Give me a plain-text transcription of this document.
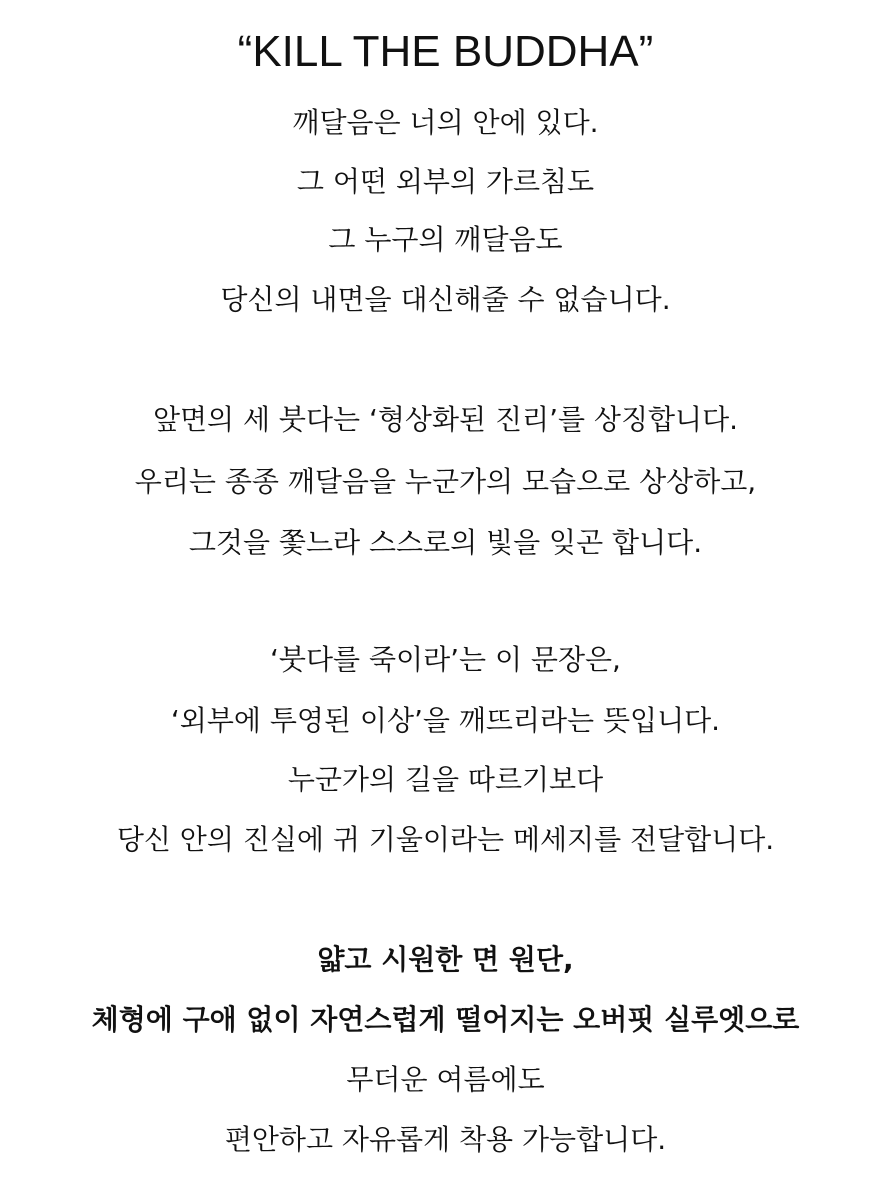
“KILL THE BUDDHA”
깨달음은 너의 안에 있다.
그 어떤 외부의 가르침도
그 누구의 깨달음도
당신의 내면을 대신해줄 수 없습니다.
앞면의 세 붓다는 ‘형상화된 진리’를 상징합니다.
우리는 종종 깨달음을 누군가의 모습으로 상상하고,
그것을 쫓느라 스스로의 빛을 잊곤 합니다.
‘붓다를 죽이라’는 이 문장은,
‘외부에 투영된 이상’을 깨뜨리라는 뜻입니다.
누군가의 길을 따르기보다
당신 안의 진실에 귀 기울이라는 메세지를 전달합니다.
얇고 시원한 면 원단,
체형에 구애 없이 자연스럽게 떨어지는 오버핏 실루엣으로
무더운 여름에도
편안하고 자유롭게 착용 가능합니다.
